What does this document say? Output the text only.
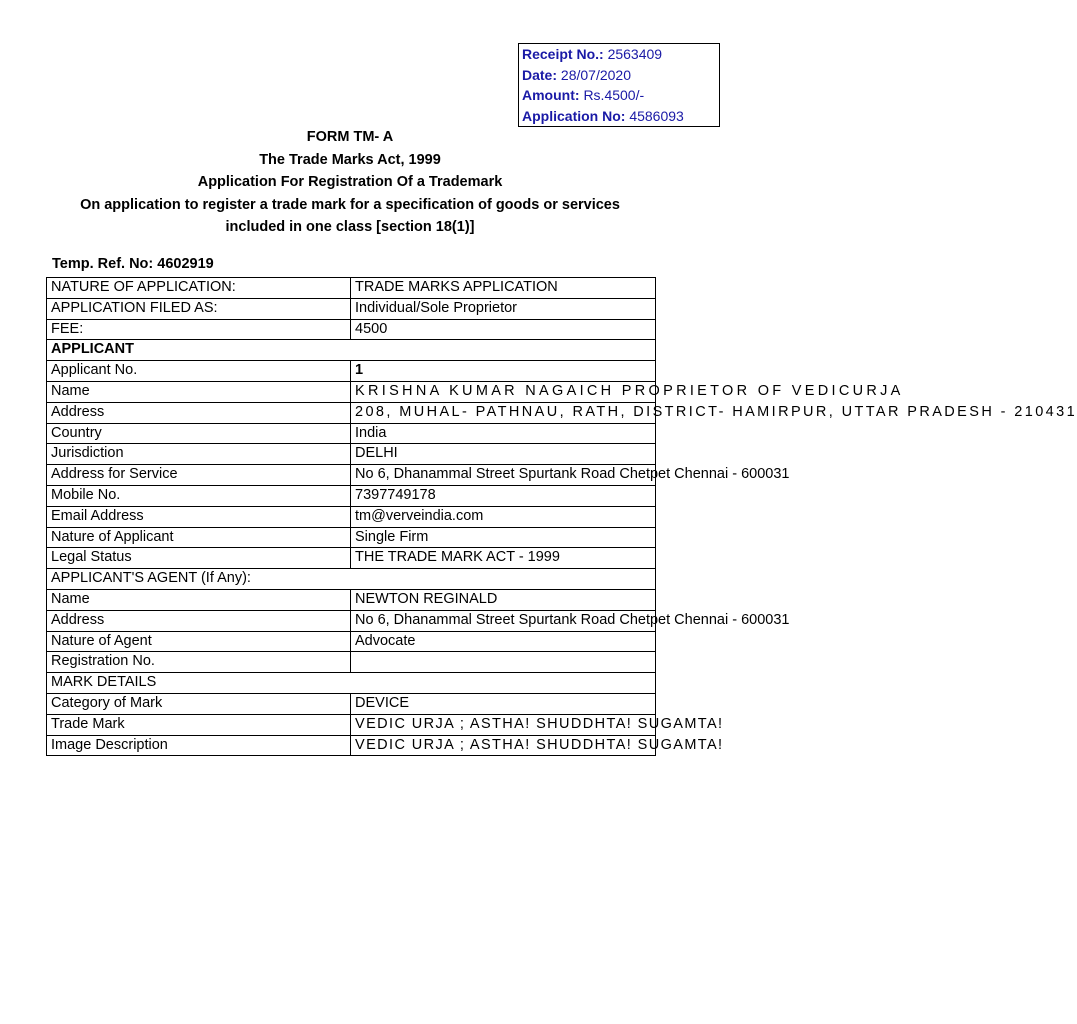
Receipt No.: 2563409
Date: 28/07/2020
Amount: Rs.4500/-
Application No: 4586093
FORM TM- A
The Trade Marks Act, 1999
Application For Registration Of a Trademark
On application to register a trade mark for a specification of goods or services
included in one class [section 18(1)]
Temp. Ref. No: 4602919
NATURE OF APPLICATION:	TRADE MARKS APPLICATION
APPLICATION FILED AS:	Individual/Sole Proprietor
FEE:	4500
APPLICANT	
Applicant No.	1
Name	KRISHNA KUMAR NAGAICH PROPRIETOR OF VEDICURJA
Address	208, MUHAL- PATHNAU, RATH, DISTRICT- HAMIRPUR, UTTAR PRADESH - 210431
Country	India
Jurisdiction	DELHI
Address for Service	No 6, Dhanammal Street Spurtank Road Chetpet Chennai - 600031
Mobile No.	7397749178
Email Address	tm@verveindia.com
Nature of Applicant	Single Firm
Legal Status	THE TRADE MARK ACT - 1999
APPLICANT'S AGENT (If Any):	
Name	NEWTON REGINALD
Address	No 6, Dhanammal Street Spurtank Road Chetpet Chennai - 600031
Nature of Agent	Advocate
Registration No.	
MARK DETAILS	
Category of Mark	DEVICE
Trade Mark	VEDIC URJA ; ASTHA! SHUDDHTA! SUGAMTA!
Image Description	VEDIC URJA ; ASTHA! SHUDDHTA! SUGAMTA!
